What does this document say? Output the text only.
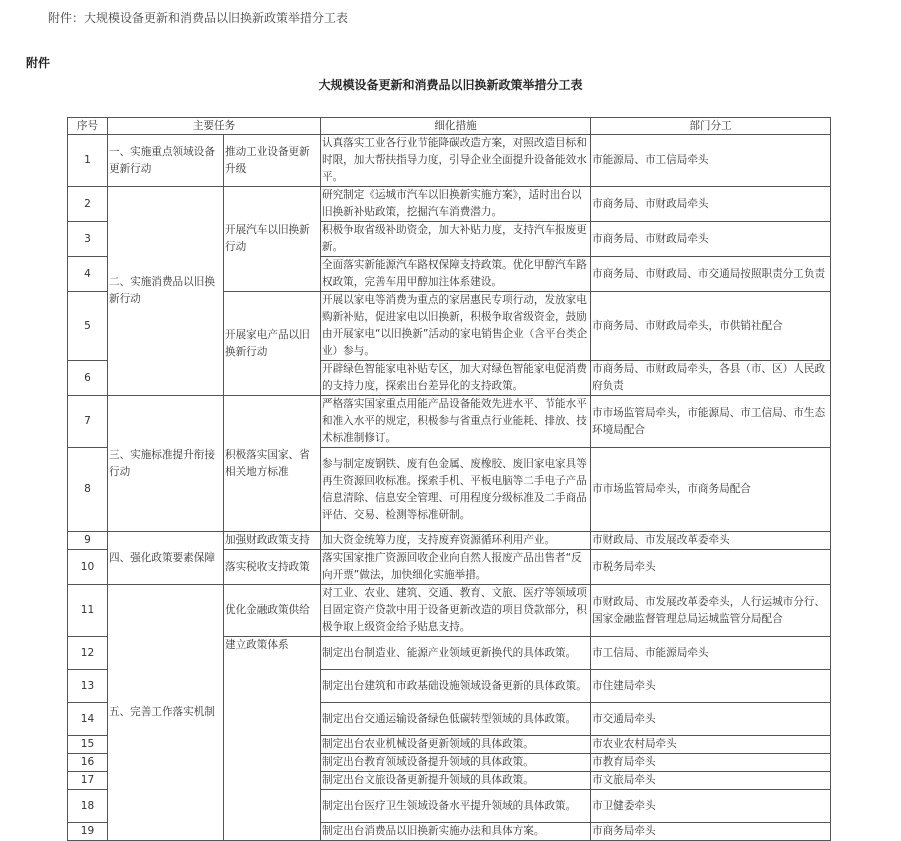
附件：大规模设备更新和消费品以旧换新政策举措分工表
附件
大规模设备更新和消费品以旧换新政策举措分工表
序号	主要任务		细化措施	部门分工
1	一、实施重点领域设备更新行动	推动工业设备更新升级	认真落实工业各行业节能降碳改造方案，对照改造目标和时限，加大帮扶指导力度，引导企业全面提升设备能效水平。	市能源局、市工信局牵头
2	二、实施消费品以旧换新行动	开展汽车以旧换新行动	研究制定《运城市汽车以旧换新实施方案》，适时出台以旧换新补贴政策，挖掘汽车消费潜力。	市商务局、市财政局牵头
3			积极争取省级补助资金，加大补贴力度，支持汽车报废更新。	市商务局、市财政局牵头
4			全面落实新能源汽车路权保障支持政策。优化甲醇汽车路权政策，完善车用甲醇加注体系建设。	市商务局、市财政局、市交通局按照职责分工负责
5		开展家电产品以旧换新行动	开展以家电等消费为重点的家居惠民专项行动，发放家电购新补贴，促进家电以旧换新，积极争取省级资金，鼓励由开展家电“以旧换新”活动的家电销售企业（含平台类企业）参与。	市商务局、市财政局牵头，市供销社配合
6			开辟绿色智能家电补贴专区，加大对绿色智能家电促消费的支持力度，探索出台差异化的支持政策。	市商务局、市财政局牵头，各县（市、区）人民政府负责
7	三、实施标准提升衔接行动	积极落实国家、省相关地方标准	严格落实国家重点用能产品设备能效先进水平、节能水平和准入水平的规定，积极参与省重点行业能耗、排放、技术标准制修订。	市市场监管局牵头，市能源局、市工信局、市生态环境局配合
8			参与制定废钢铁、废有色金属、废橡胶、废旧家电家具等再生资源回收标准。探索手机、平板电脑等二手电子产品信息清除、信息安全管理、可用程度分级标准及二手商品评估、交易、检测等标准研制。	市市场监管局牵头，市商务局配合
9	四、强化政策要素保障	加强财政政策支持	加大资金统筹力度，支持废弃资源循环利用产业。	市财政局、市发展改革委牵头
10		落实税收支持政策	落实国家推广资源回收企业向自然人报废产品出售者“反向开票”做法，加快细化实施举措。	市税务局牵头
11	五、完善工作落实机制	优化金融政策供给	对工业、农业、建筑、交通、教育、文旅、医疗等领域项目固定资产贷款中用于设备更新改造的项目贷款部分，积极争取上级资金给予贴息支持。	市财政局、市发展改革委牵头，人行运城市分行、国家金融监督管理总局运城监管分局配合
12		建立政策体系	制定出台制造业、能源产业领域更新换代的具体政策。	市工信局、市能源局牵头
13			制定出台建筑和市政基础设施领域设备更新的具体政策。	市住建局牵头
14			制定出台交通运输设备绿色低碳转型领域的具体政策。	市交通局牵头
15			制定出台农业机械设备更新领域的具体政策。	市农业农村局牵头
16			制定出台教育领域设备提升领域的具体政策。	市教育局牵头
17			制定出台文旅设备更新提升领域的具体政策。	市文旅局牵头
18			制定出台医疗卫生领域设备水平提升领域的具体政策。	市卫健委牵头
19			制定出台消费品以旧换新实施办法和具体方案。	市商务局牵头
